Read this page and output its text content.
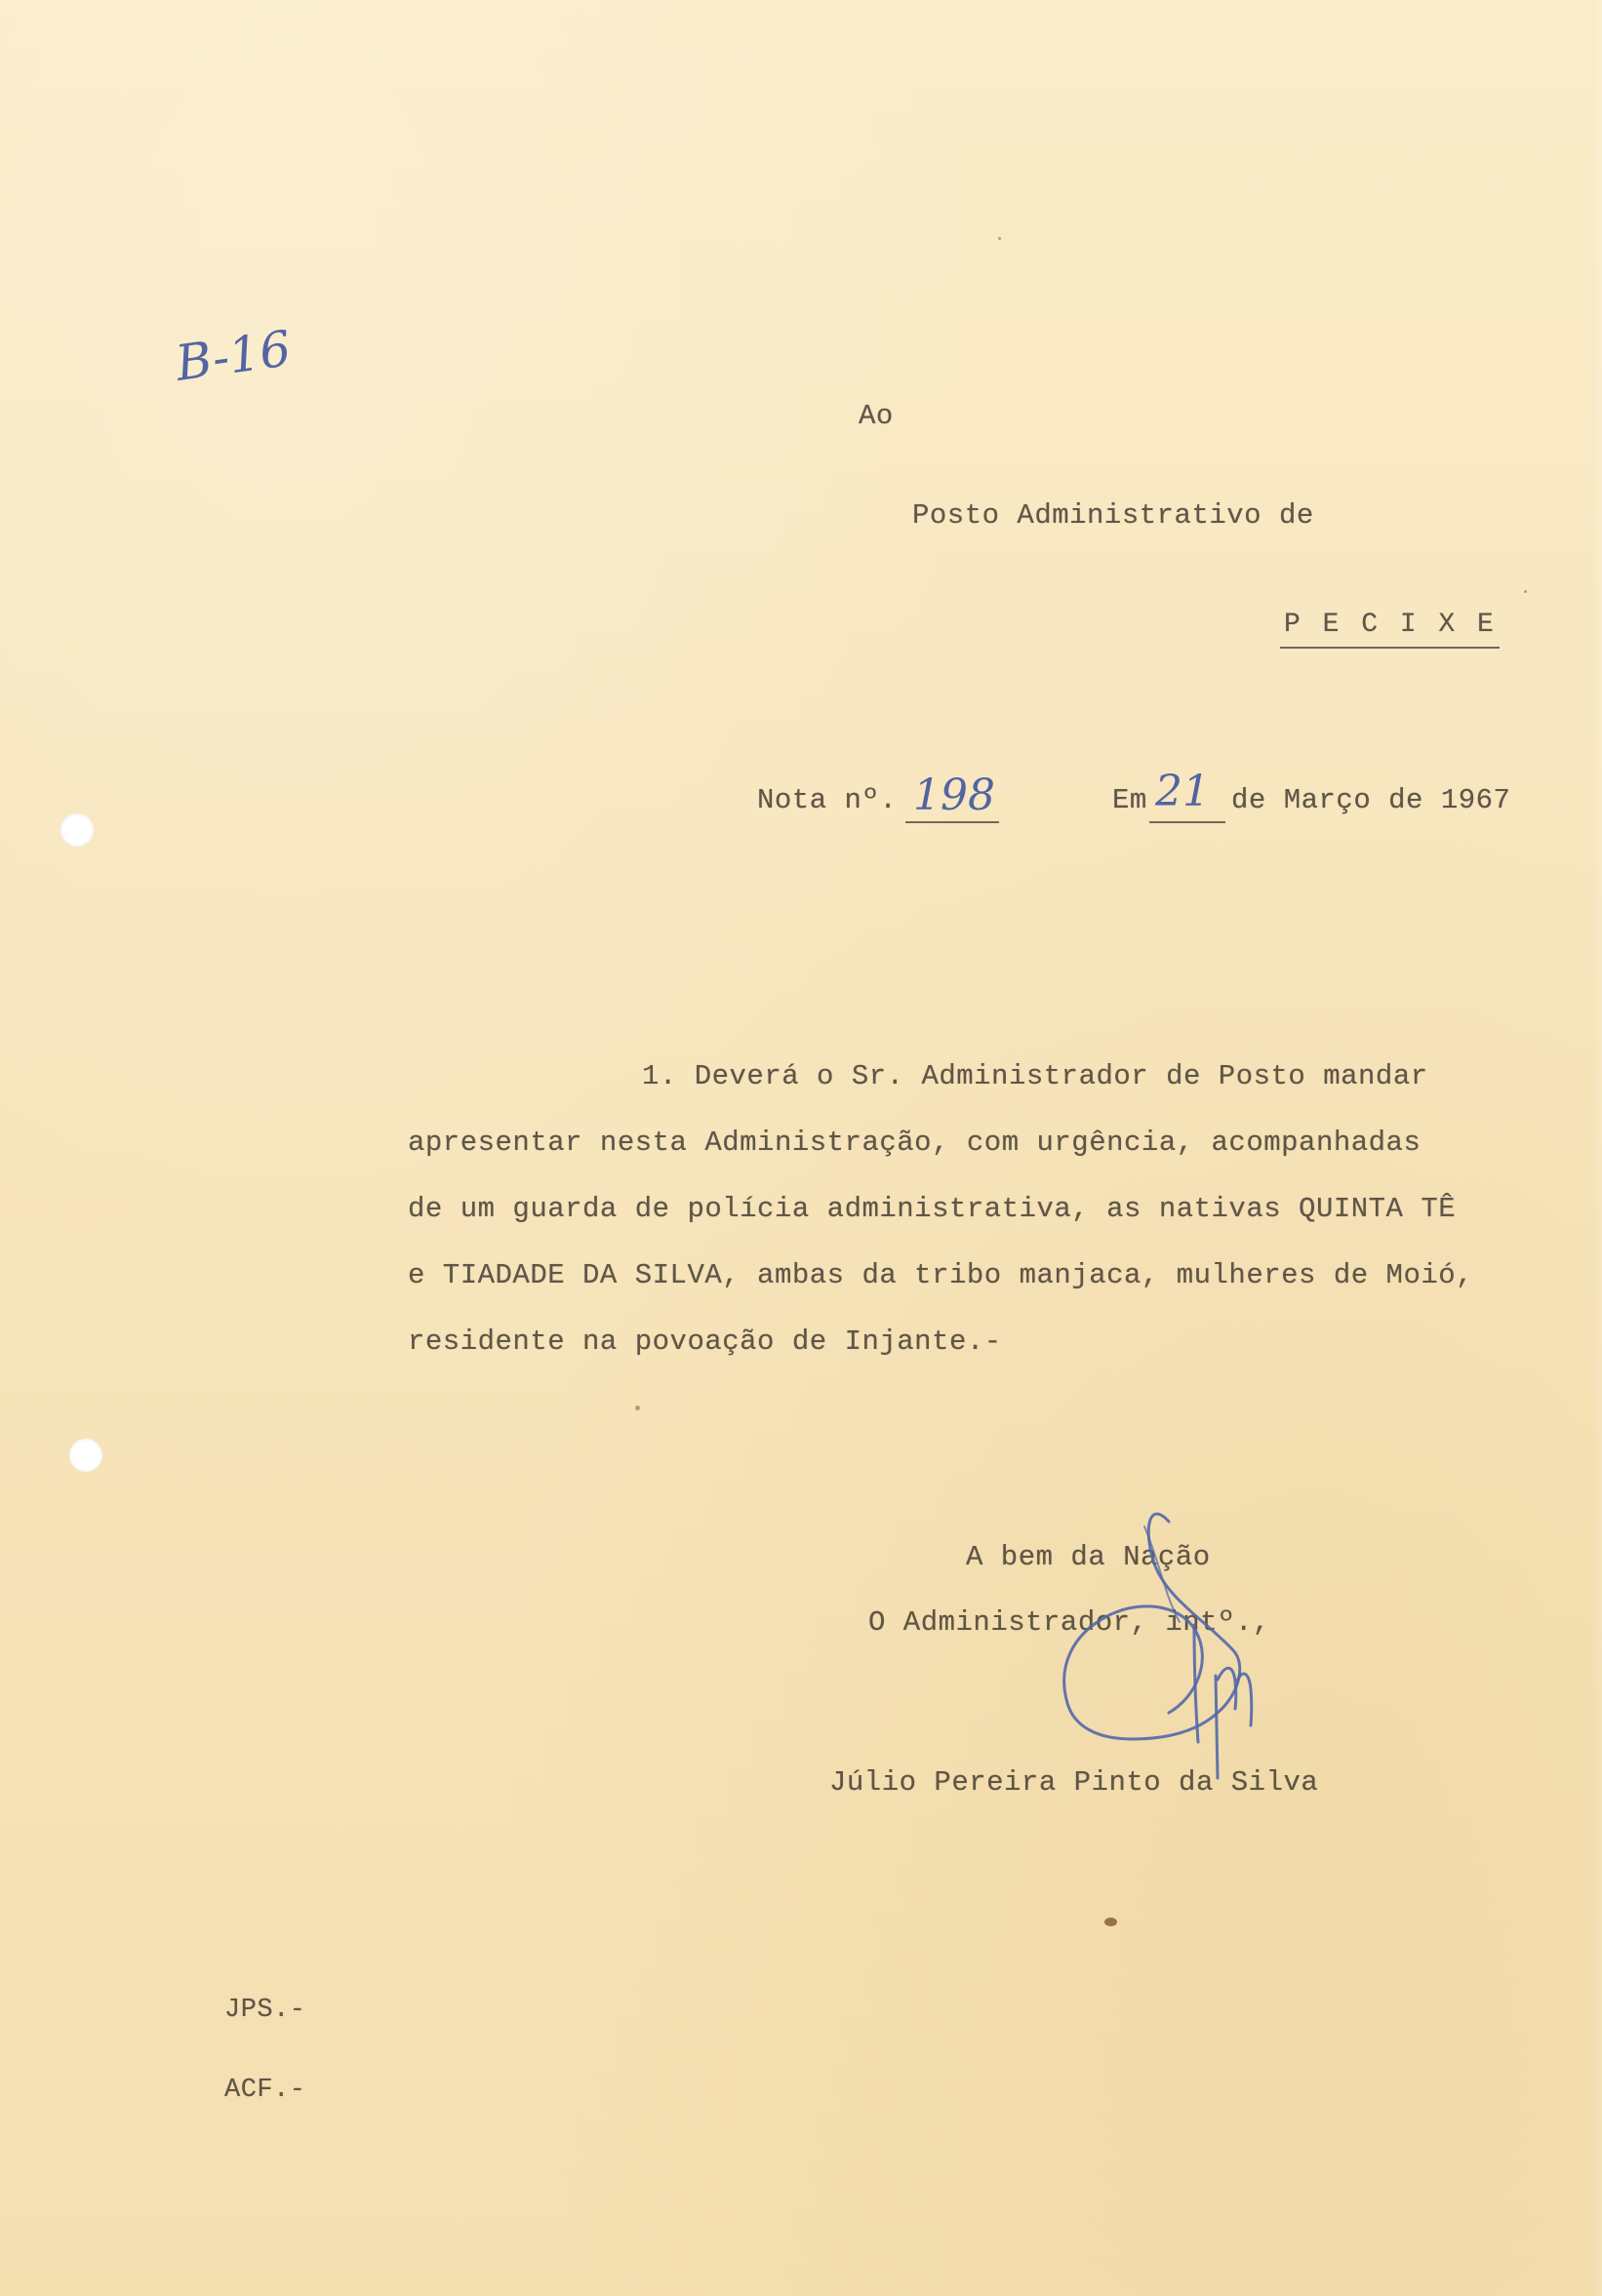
B-16
Ao
Posto Administrativo de
P E C I X E
Nota nº. 198	Em 21 de Março de 1967
1. Deverá o Sr. Administrador de Posto mandar
apresentar nesta Administração, com urgência, acompanhadas
de um guarda de polícia administrativa, as nativas QUINTA TÊ
e TIADADE DA SILVA, ambas da tribo manjaca, mulheres de Moió,
residente na povoação de Injante.-
A bem da Nação
O Administrador, intº.,
Júlio Pereira Pinto da Silva
JPS.-
ACF.-
